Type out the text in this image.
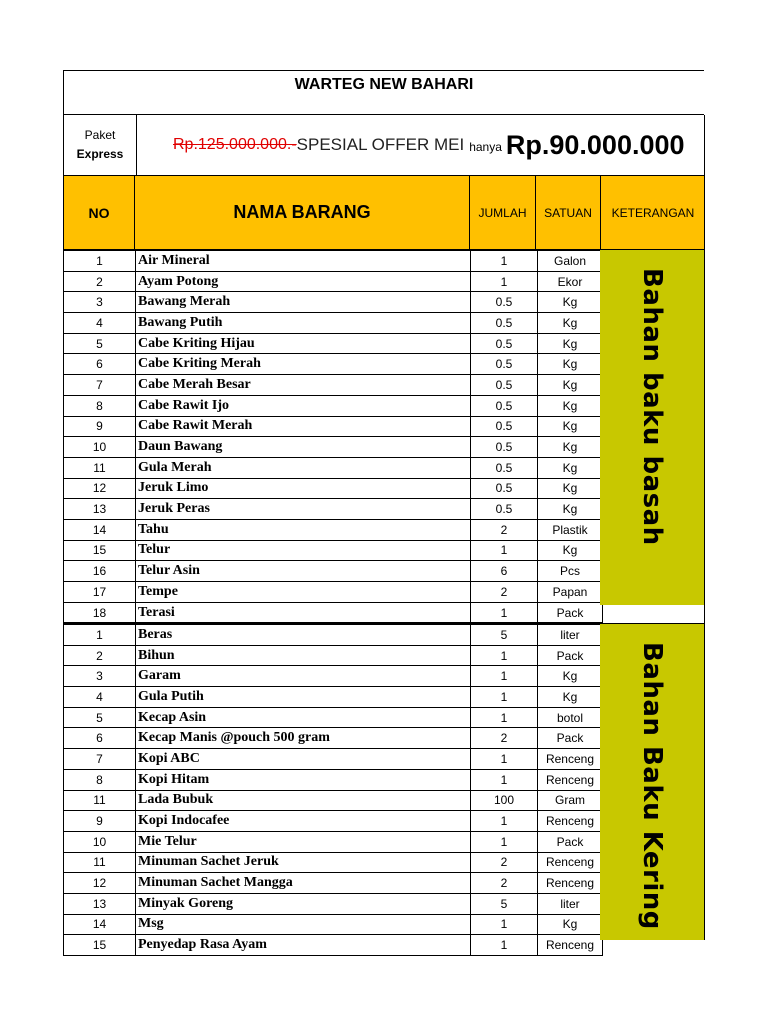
WARTEG NEW BAHARI
Paket
Express
Rp.125.000.000.- SPESIAL OFFER MEI hanya Rp.90.000.000
NO	NAMA BARANG	JUMLAH	SATUAN	KETERANGAN
1	Air Mineral	1	Galon
2	Ayam Potong	1	Ekor
3	Bawang Merah	0.5	Kg
4	Bawang Putih	0.5	Kg
5	Cabe Kriting Hijau	0.5	Kg
6	Cabe Kriting Merah	0.5	Kg
7	Cabe Merah Besar	0.5	Kg
8	Cabe Rawit Ijo	0.5	Kg
9	Cabe Rawit Merah	0.5	Kg
10	Daun Bawang	0.5	Kg
11	Gula Merah	0.5	Kg
12	Jeruk Limo	0.5	Kg
13	Jeruk Peras	0.5	Kg
14	Tahu	2	Plastik
15	Telur	1	Kg
16	Telur Asin	6	Pcs
17	Tempe	2	Papan
18	Terasi	1	Pack
Bahan baku basah
1	Beras	5	liter
2	Bihun	1	Pack
3	Garam	1	Kg
4	Gula Putih	1	Kg
5	Kecap Asin	1	botol
6	Kecap Manis @pouch 500 gram	2	Pack
7	Kopi ABC	1	Renceng
8	Kopi Hitam	1	Renceng
11	Lada Bubuk	100	Gram
9	Kopi Indocafee	1	Renceng
10	Mie Telur	1	Pack
11	Minuman Sachet Jeruk	2	Renceng
12	Minuman Sachet Mangga	2	Renceng
13	Minyak Goreng	5	liter
14	Msg	1	Kg
15	Penyedap Rasa Ayam	1	Renceng
Bahan Baku Kering
